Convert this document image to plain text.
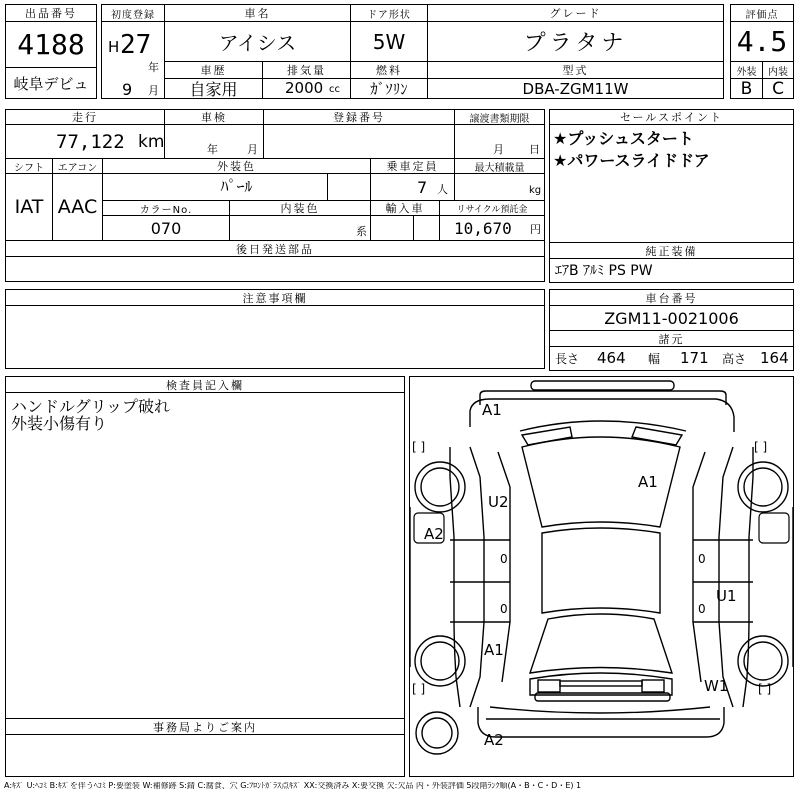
出品番号
4188
岐阜デビュ
初度登録
H 27
年
9 月
車名
アイシス
車歴
自家用
排気量
2000 cc
ドア形状
5W
燃料
ｶﾞｿﾘﾝ
グレード
プラタナ
型式
DBA-ZGM11W
評価点
4.5
外装	内装
B	C
走行
77,122 km
車検
年	月
登録番号	譲渡書類期限
月 日
シフト
IAT
エアコン
AAC
外装色
ﾊﾟｰﾙ
乗車定員
7 人
最大積載量
kg
カラーNo.
070
内装色
系
輸入車	リサイクル預託金
10,670 円
後日発送部品
セールスポイント
★プッシュスタート
★パワースライドドア
純正装備
ｴｱB ｱﾙﾐ PS PW
注意事項欄	車台番号
ZGM11-0021006
諸元
長さ 464 幅 171 高さ 164
検査員記入欄
ハンドルグリップ破れ
外装小傷有り
事務局よりご案内
A1
U2
A1
A2
U1
A1
W1
A2
0	0
0	0
[ ]	[ ]
[ ]	[ ]
A:ｷｽﾞ U:ﾍｺﾐ B:ｷｽﾞを伴うﾍｺﾐ P:要塗装 W:補修跡 S:錆 C:腐食、穴 G:ﾌﾛﾝﾄｶﾞﾗｽ点ｷｽﾞ XX:交換済み X:要交換 欠:欠品 内・外装評価 5段階ﾗﾝｸ順(A・B・C・D・E) 1
